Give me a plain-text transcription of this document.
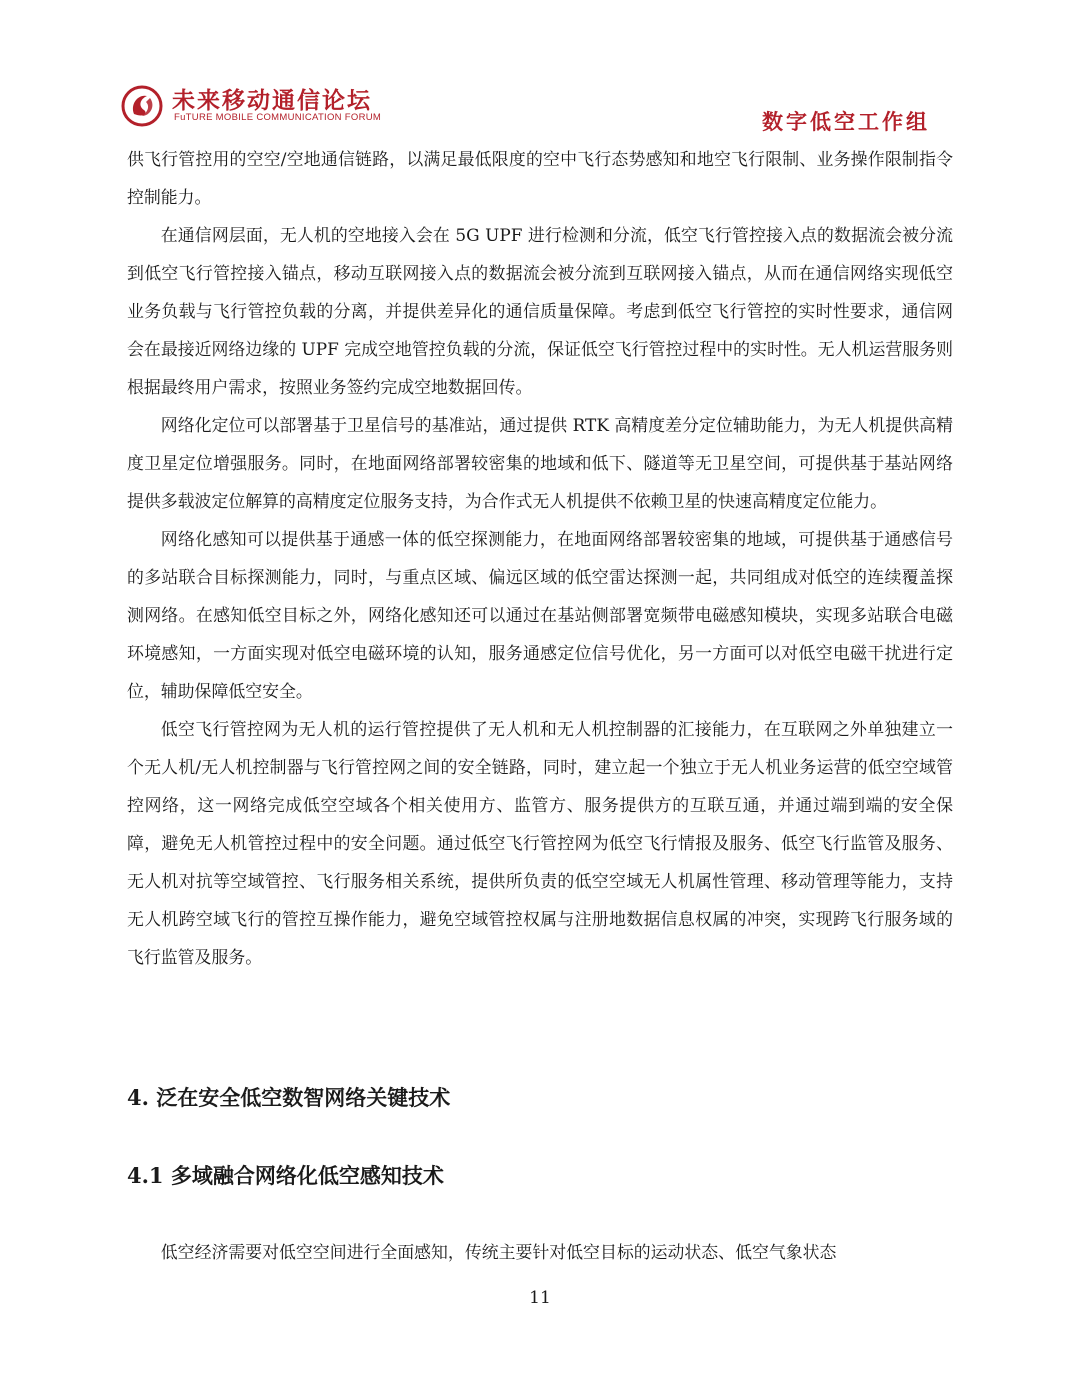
未来移动通信论坛
FuTURE MOBILE COMMUNICATION FORUM	数字低空工作组

供飞行管控用的空空/空地通信链路，以满足最低限度的空中飞行态势感知和地空飞行限制、业务操作限制指令控制能力。

在通信网层面，无人机的空地接入会在 5G UPF 进行检测和分流，低空飞行管控接入点的数据流会被分流到低空飞行管控接入锚点，移动互联网接入点的数据流会被分流到互联网接入锚点，从而在通信网络实现低空业务负载与飞行管控负载的分离，并提供差异化的通信质量保障。考虑到低空飞行管控的实时性要求，通信网会在最接近网络边缘的 UPF 完成空地管控负载的分流，保证低空飞行管控过程中的实时性。无人机运营服务则根据最终用户需求，按照业务签约完成空地数据回传。

网络化定位可以部署基于卫星信号的基准站，通过提供 RTK 高精度差分定位辅助能力，为无人机提供高精度卫星定位增强服务。同时，在地面网络部署较密集的地域和低下、隧道等无卫星空间，可提供基于基站网络提供多载波定位解算的高精度定位服务支持，为合作式无人机提供不依赖卫星的快速高精度定位能力。

网络化感知可以提供基于通感一体的低空探测能力，在地面网络部署较密集的地域，可提供基于通感信号的多站联合目标探测能力，同时，与重点区域、偏远区域的低空雷达探测一起，共同组成对低空的连续覆盖探测网络。在感知低空目标之外，网络化感知还可以通过在基站侧部署宽频带电磁感知模块，实现多站联合电磁环境感知，一方面实现对低空电磁环境的认知，服务通感定位信号优化，另一方面可以对低空电磁干扰进行定位，辅助保障低空安全。

低空飞行管控网为无人机的运行管控提供了无人机和无人机控制器的汇接能力，在互联网之外单独建立一个无人机/无人机控制器与飞行管控网之间的安全链路，同时，建立起一个独立于无人机业务运营的低空空域管控网络，这一网络完成低空空域各个相关使用方、监管方、服务提供方的互联互通，并通过端到端的安全保障，避免无人机管控过程中的安全问题。通过低空飞行管控网为低空飞行情报及服务、低空飞行监管及服务、无人机对抗等空域管控、飞行服务相关系统，提供所负责的低空空域无人机属性管理、移动管理等能力，支持无人机跨空域飞行的管控互操作能力，避免空域管控权属与注册地数据信息权属的冲突，实现跨飞行服务域的飞行监管及服务。

4. 泛在安全低空数智网络关键技术
4.1 多域融合网络化低空感知技术

低空经济需要对低空空间进行全面感知，传统主要针对低空目标的运动状态、低空气象状态

11
